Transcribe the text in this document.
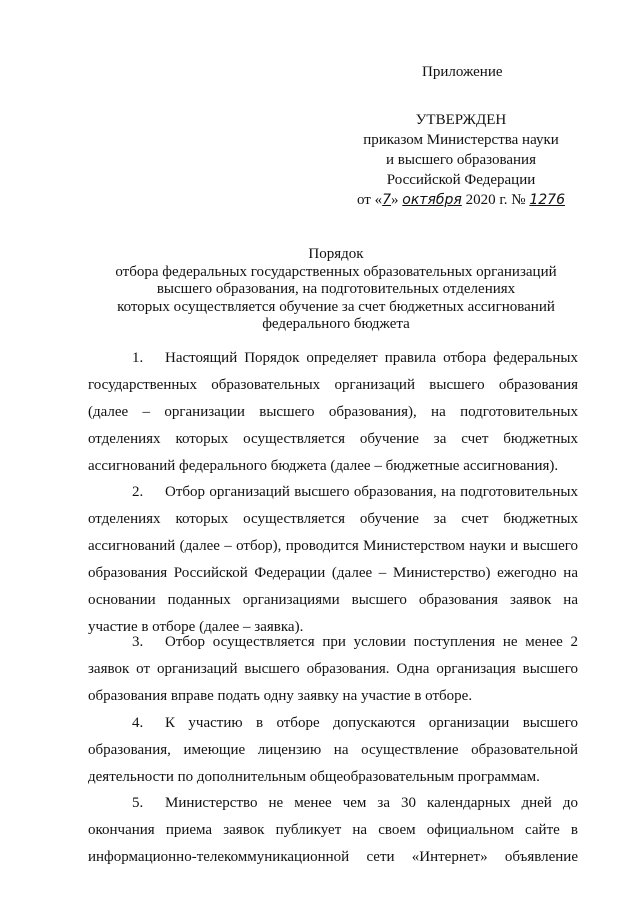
Приложение
УТВЕРЖДЕН
приказом Министерства науки
и высшего образования
Российской Федерации
от «7» октября 2020 г. № 1276
Порядок
отбора федеральных государственных образовательных организаций
высшего образования, на подготовительных отделениях
которых осуществляется обучение за счет бюджетных ассигнований
федерального бюджета
1. Настоящий Порядок определяет правила отбора федеральных государственных образовательных организаций высшего образования (далее – организации высшего образования), на подготовительных отделениях которых осуществляется обучение за счет бюджетных ассигнований федерального бюджета (далее – бюджетные ассигнования).
2. Отбор организаций высшего образования, на подготовительных отделениях которых осуществляется обучение за счет бюджетных ассигнований (далее – отбор), проводится Министерством науки и высшего образования Российской Федерации (далее – Министерство) ежегодно на основании поданных организациями высшего образования заявок на участие в отборе (далее – заявка).
3. Отбор осуществляется при условии поступления не менее 2 заявок от организаций высшего образования. Одна организация высшего образования вправе подать одну заявку на участие в отборе.
4. К участию в отборе допускаются организации высшего образования, имеющие лицензию на осуществление образовательной деятельности по дополнительным общеобразовательным программам.
5. Министерство не менее чем за 30 календарных дней до окончания приема заявок публикует на своем официальном сайте в информационно-телекоммуникационной сети «Интернет» объявление
